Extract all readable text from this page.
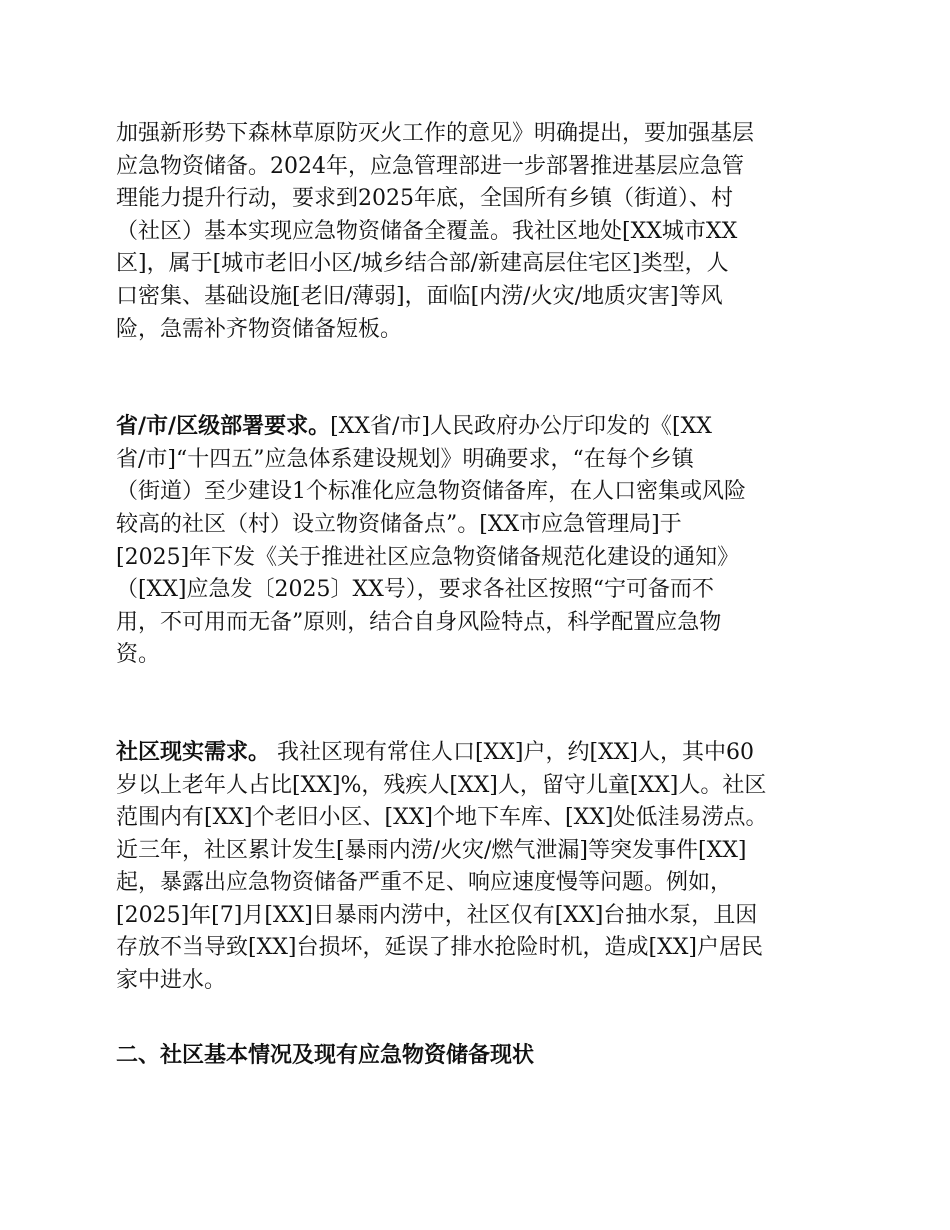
加强新形势下森林草原防灭火工作的意见》明确提出，要加强基层
应急物资储备。2024年，应急管理部进一步部署推进基层应急管
理能力提升行动，要求到2025年底，全国所有乡镇（街道）、村
（社区）基本实现应急物资储备全覆盖。我社区地处[XX城市XX
区]，属于[城市老旧小区/城乡结合部/新建高层住宅区]类型，人
口密集、基础设施[老旧/薄弱]，面临[内涝/火灾/地质灾害]等风
险，急需补齐物资储备短板。
省/市/区级部署要求。[XX省/市]人民政府办公厅印发的《[XX
省/市]“十四五”应急体系建设规划》明确要求，“在每个乡镇
（街道）至少建设1个标准化应急物资储备库，在人口密集或风险
较高的社区（村）设立物资储备点”。[XX市应急管理局]于
[2025]年下发《关于推进社区应急物资储备规范化建设的通知》
（[XX]应急发〔2025〕XX号），要求各社区按照“宁可备而不
用，不可用而无备”原则，结合自身风险特点，科学配置应急物
资。
社区现实需求。 我社区现有常住人口[XX]户，约[XX]人，其中60
岁以上老年人占比[XX]%，残疾人[XX]人，留守儿童[XX]人。社区
范围内有[XX]个老旧小区、[XX]个地下车库、[XX]处低洼易涝点。
近三年，社区累计发生[暴雨内涝/火灾/燃气泄漏]等突发事件[XX]
起，暴露出应急物资储备严重不足、响应速度慢等问题。例如，
[2025]年[7]月[XX]日暴雨内涝中，社区仅有[XX]台抽水泵，且因
存放不当导致[XX]台损坏，延误了排水抢险时机，造成[XX]户居民
家中进水。
二、社区基本情况及现有应急物资储备现状
